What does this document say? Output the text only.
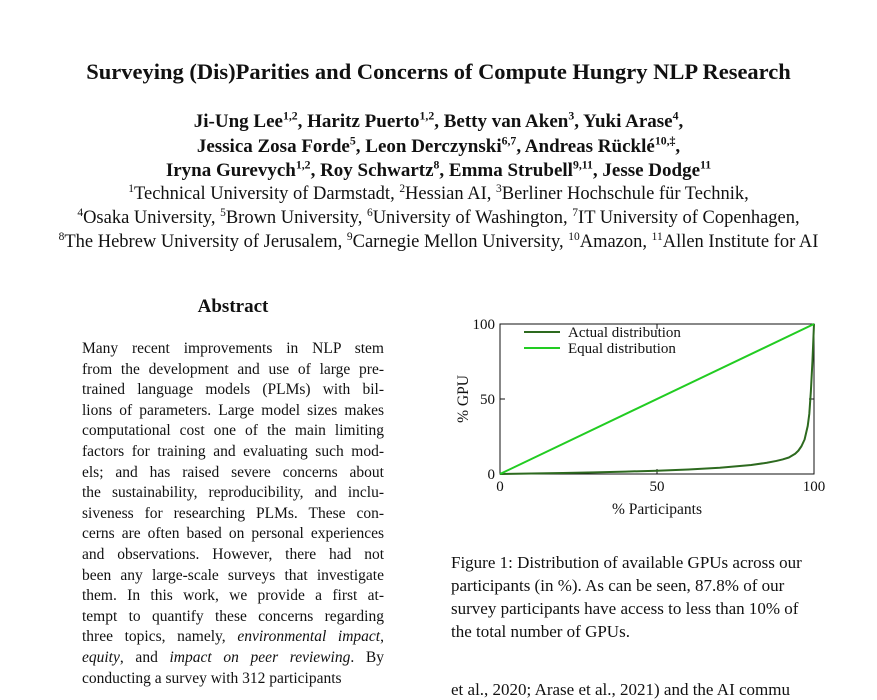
Surveying (Dis)Parities and Concerns of Compute Hungry NLP Research
Ji-Ung Lee$^{1,2}$, Haritz Puerto$^{1,2}$, Betty van Aken$^3$, Yuki Arase$^4$,
Jessica Zosa Forde$^5$, Leon Derczynski$^{6,7}$, Andreas Rücklé$^{10,\ddagger}$,
Iryna Gurevych$^{1,2}$, Roy Schwartz$^8$, Emma Strubell$^{9,11}$, Jesse Dodge$^{11}$
$^1$Technical University of Darmstadt, $^2$Hessian AI, $^3$Berliner Hochschule für Technik,
$^4$Osaka University, $^5$Brown University, $^6$University of Washington, $^7$IT University of Copenhagen,
$^8$The Hebrew University of Jerusalem, $^9$Carnegie Mellon University, $^{10}$Amazon, $^{11}$Allen Institute for AI
Abstract
Many recent improvements in NLP stem
from the development and use of large pre-
trained language models (PLMs) with bil-
lions of parameters. Large model sizes makes
computational cost one of the main limiting
factors for training and evaluating such mod-
els; and has raised severe concerns about
the sustainability, reproducibility, and inclu-
siveness for researching PLMs. These con-
cerns are often based on personal experiences
and observations. However, there had not
been any large-scale surveys that investigate
them. In this work, we provide a first at-
tempt to quantify these concerns regarding
three topics, namely, environmental impact,
equity, and impact on peer reviewing. By
conducting a survey with 312 participants
0	50	100
0
50
100
% Participants
% GPU
Actual distribution
Equal distribution
Figure 1: Distribution of available GPUs across our
participants (in %). As can be seen, 87.8% of our
survey participants have access to less than 10% of
the total number of GPUs.
et al., 2020; Arase et al., 2021) and the AI commu
